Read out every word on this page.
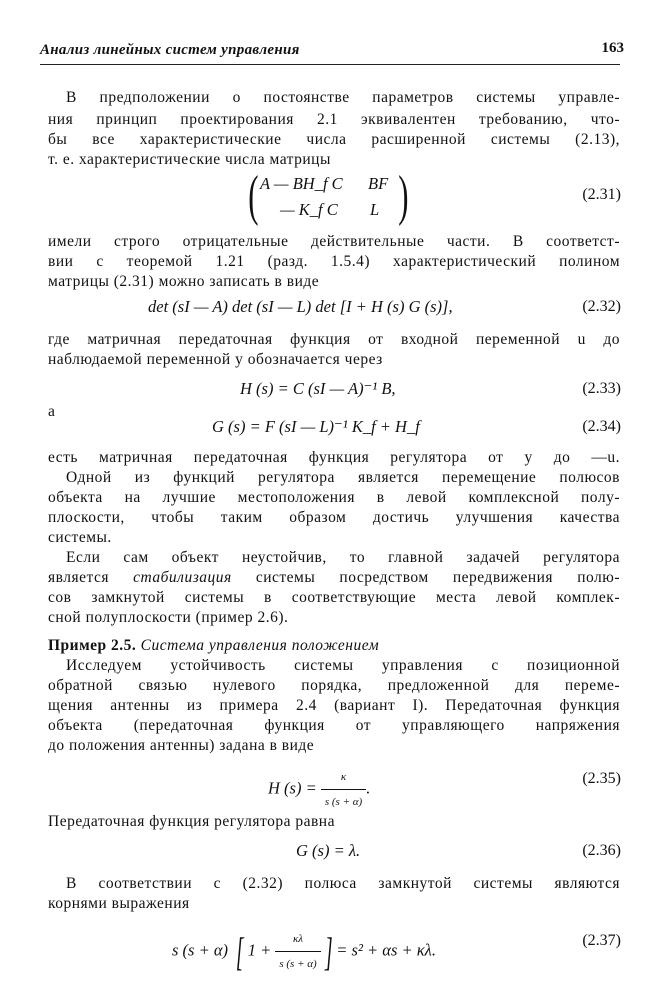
Анализ линейных систем управления	163
В предположении о постоянстве параметров системы управле-
ния принцип проектирования 2.1 эквивалентен требованию, что-
бы все характеристические числа расширенной системы (2.13),
т. е. характеристические числа матрицы
( A — BH_f C BF
— K_f C L )	(2.31)
имели строго отрицательные действительные части. В соответст-
вии с теоремой 1.21 (разд. 1.5.4) характеристический полином
матрицы (2.31) можно записать в виде
det (sI — A) det (sI — L) det [I + H (s) G (s)],	(2.32)
где матричная передаточная функция от входной переменной u до
наблюдаемой переменной y обозначается через
H (s) = C (sI — A)⁻¹ B,	(2.33)
а
G (s) = F (sI — L)⁻¹ K_f + H_f	(2.34)
есть матричная передаточная функция регулятора от y до —u.
Одной из функций регулятора является перемещение полюсов
объекта на лучшие местоположения в левой комплексной полу-
плоскости, чтобы таким образом достичь улучшения качества
системы.
Если сам объект неустойчив, то главной задачей регулятора
является стабилизация системы посредством передвижения полю-
сов замкнутой системы в соответствующие места левой комплек-
сной полуплоскости (пример 2.6).
Пример 2.5. Система управления положением
Исследуем устойчивость системы управления с позиционной
обратной связью нулевого порядка, предложенной для переме-
щения антенны из примера 2.4 (вариант I). Передаточная функция
объекта (передаточная функция от управляющего напряжения
до положения антенны) задана в виде
H $(s) = \frac{\kappa}{s (s + \alpha)}$ .	(2.35)
Передаточная функция регулятора равна
G (s) = λ.	(2.36)
В соответствии с (2.32) полюса замкнутой системы являются
корнями выражения
s (s + α) [ $1 + \frac{\kappa\lambda}{s (s + \alpha)}$ ] = s² + αs + κλ.	(2.37)
